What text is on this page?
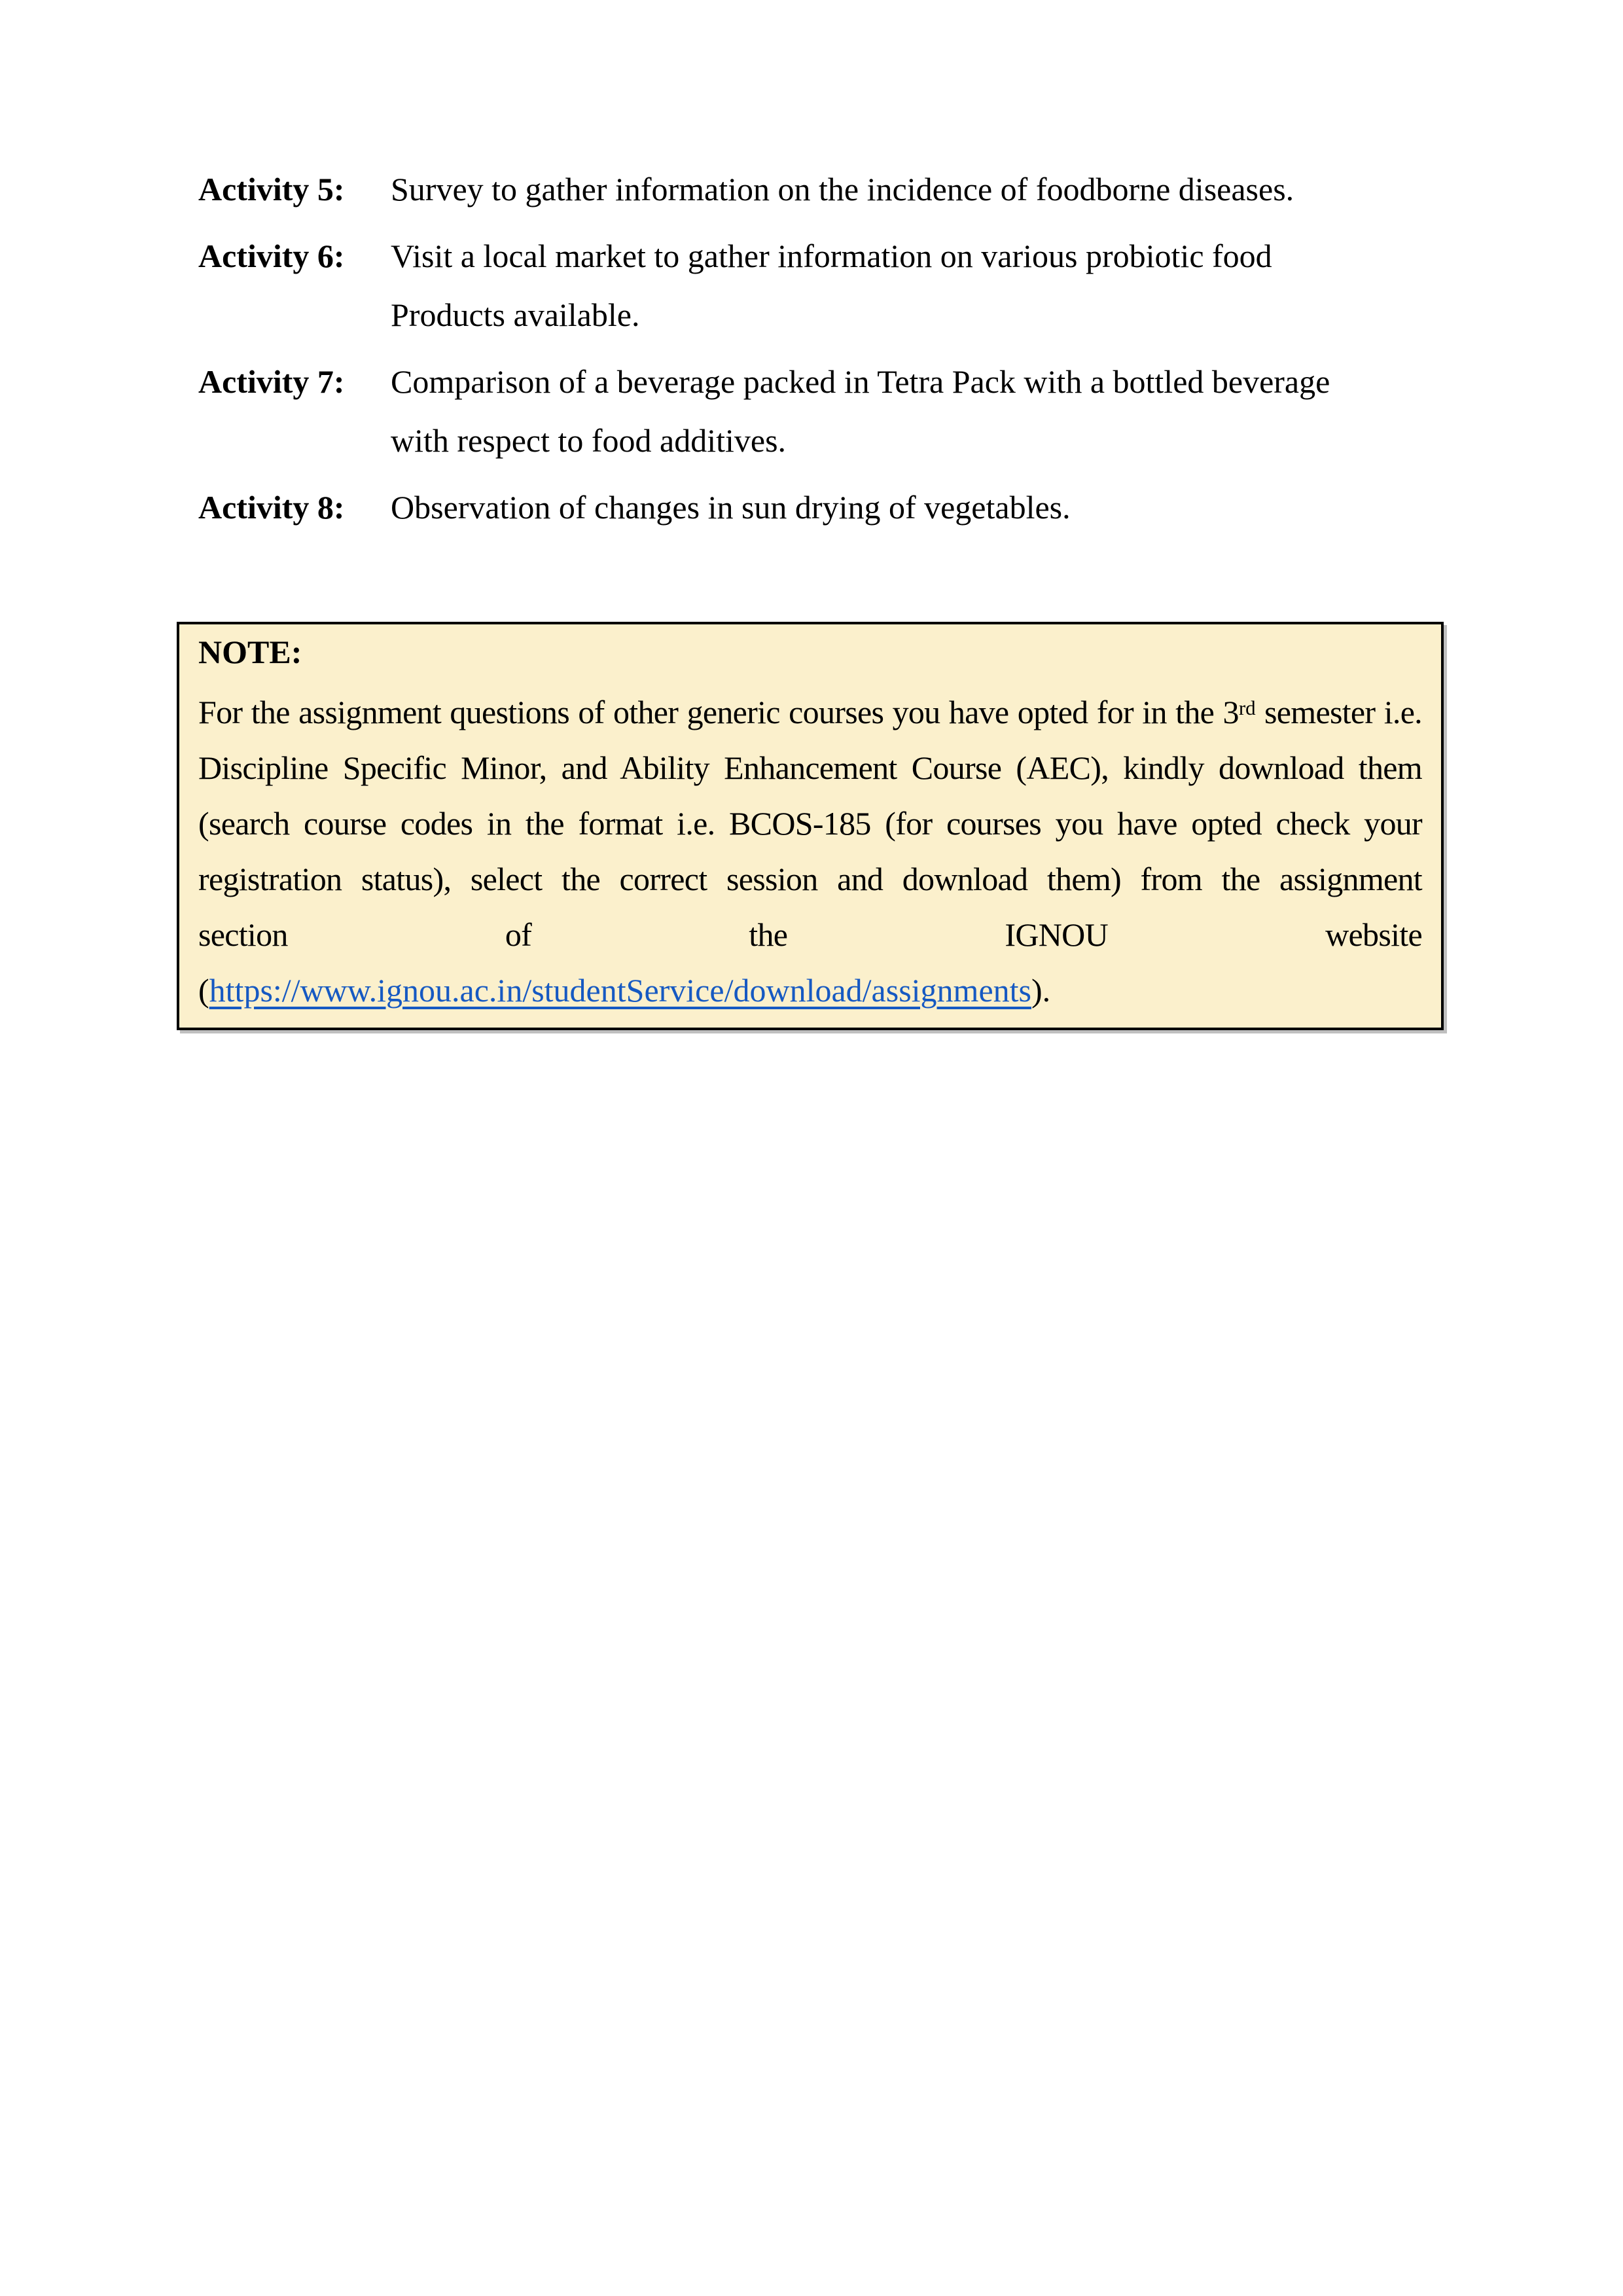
Activity 5:	Survey to gather information on the incidence of foodborne diseases.
Activity 6:	Visit a local market to gather information on various probiotic food
Products available.
Activity 7:	Comparison of a beverage packed in Tetra Pack with a bottled beverage
with respect to food additives.
Activity 8:	Observation of changes in sun drying of vegetables.
NOTE:
For the assignment questions of other generic courses you have opted for in the 3rd semester i.e.
Discipline Specific Minor, and Ability Enhancement Course (AEC), kindly download them
(search course codes in the format i.e. BCOS-185 (for courses you have opted check your
registration status), select the correct session and download them) from the assignment
section of the IGNOU website
(https://www.ignou.ac.in/studentService/download/assignments).
